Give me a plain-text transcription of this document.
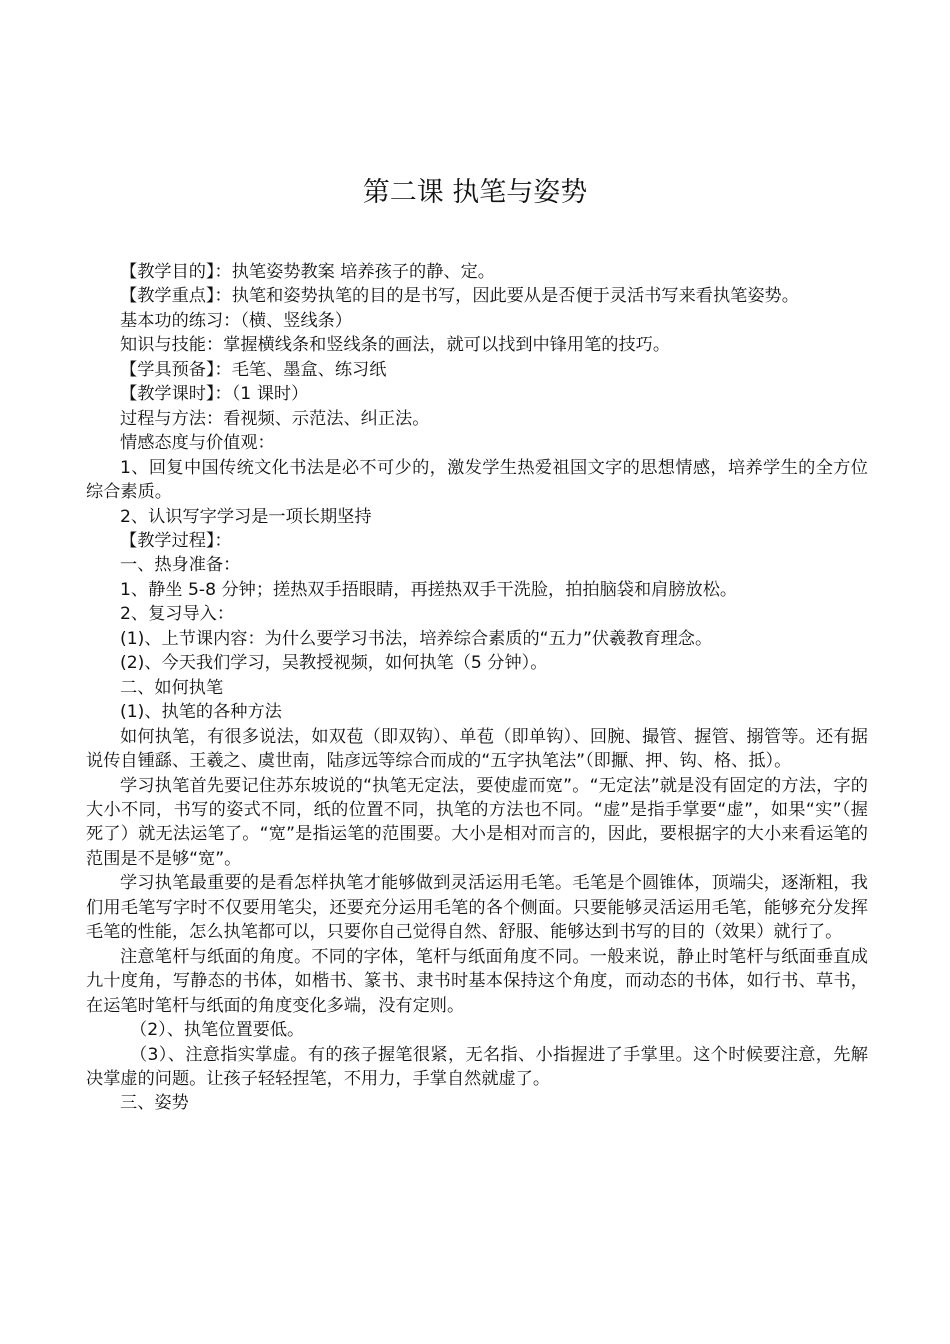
第二课 执笔与姿势

【教学目的】：执笔姿势教案 培养孩子的静、定。

【教学重点】：执笔和姿势执笔的目的是书写，因此要从是否便于灵活书写来看执笔姿势。

基本功的练习：（横、竖线条）

知识与技能：掌握横线条和竖线条的画法，就可以找到中锋用笔的技巧。

【学具预备】：毛笔、墨盒、练习纸

【教学课时】：（1 课时）

过程与方法：看视频、示范法、纠正法。

情感态度与价值观：

1、回复中国传统文化书法是必不可少的，激发学生热爱祖国文字的思想情感，培养学生的全方位综合素质。

2、认识写字学习是一项长期坚持

【教学过程】：

一、热身准备：

1、静坐 5-8 分钟；搓热双手捂眼睛，再搓热双手干洗脸，拍拍脑袋和肩膀放松。

2、复习导入：

(1)、上节课内容：为什么要学习书法，培养综合素质的“五力”伏羲教育理念。

(2)、今天我们学习，吴教授视频，如何执笔（5 分钟）。

二、如何执笔

(1)、执笔的各种方法

如何执笔，有很多说法，如双苞（即双钩）、单苞（即单钩）、回腕、撮管、握管、搦管等。还有据说传自锺繇、王羲之、虞世南，陆彦远等综合而成的“五字执笔法”（即擫、押、钩、格、抵）。

学习执笔首先要记住苏东坡说的“执笔无定法，要使虚而宽”。“无定法”就是没有固定的方法，字的大小不同，书写的姿式不同，纸的位置不同，执笔的方法也不同。“虚”是指手掌要“虚”，如果“实”（握死了）就无法运笔了。“宽”是指运笔的范围要。大小是相对而言的，因此，要根据字的大小来看运笔的范围是不是够“宽”。

学习执笔最重要的是看怎样执笔才能够做到灵活运用毛笔。毛笔是个圆锥体，顶端尖，逐渐粗，我们用毛笔写字时不仅要用笔尖，还要充分运用毛笔的各个侧面。只要能够灵活运用毛笔，能够充分发挥毛笔的性能，怎么执笔都可以，只要你自己觉得自然、舒服、能够达到书写的目的（效果）就行了。

注意笔杆与纸面的角度。不同的字体，笔杆与纸面角度不同。一般来说，静止时笔杆与纸面垂直成九十度角，写静态的书体，如楷书、篆书、隶书时基本保持这个角度，而动态的书体，如行书、草书，在运笔时笔杆与纸面的角度变化多端，没有定则。

（2）、执笔位置要低。

（3）、注意指实掌虚。有的孩子握笔很紧，无名指、小指握进了手掌里。这个时候要注意，先解决掌虚的问题。让孩子轻轻捏笔，不用力，手掌自然就虚了。

三、姿势
